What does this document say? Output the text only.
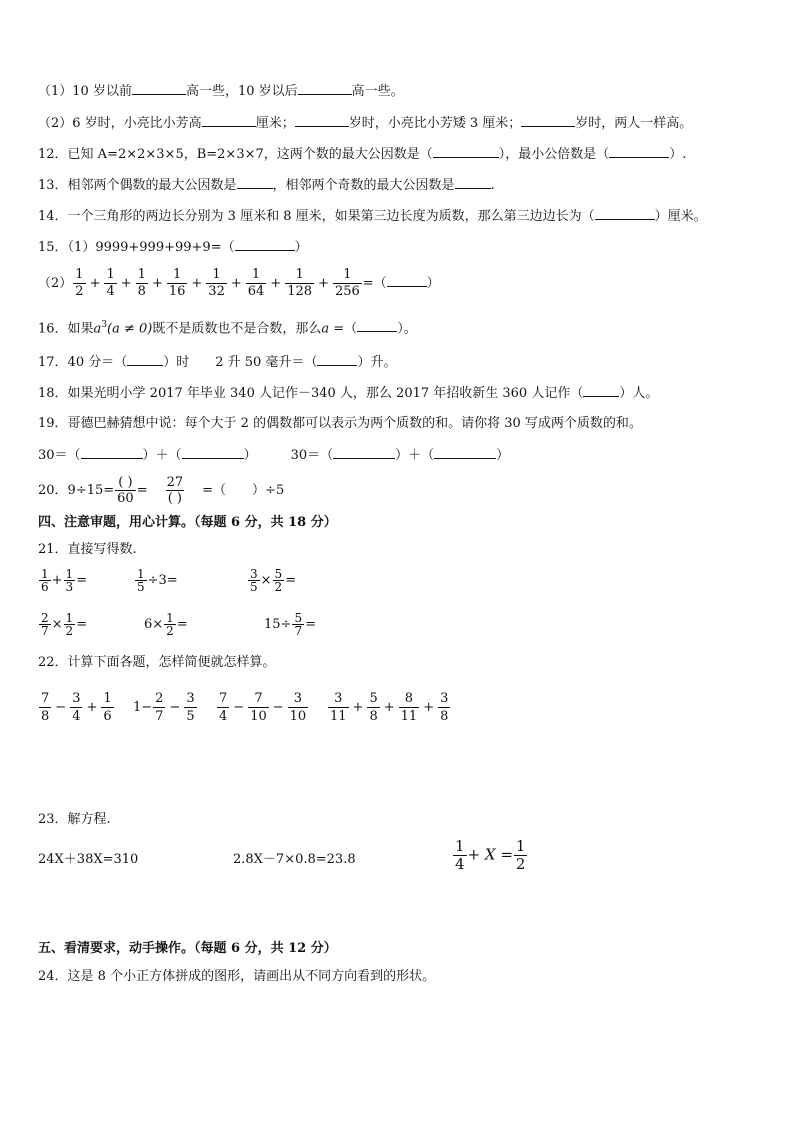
（1）10 岁以前	高一些，10 岁以后	高一些。
（2）6 岁时，小亮比小芳高	厘米；	岁时，小亮比小芳矮 3 厘米；	岁时，两人一样高。
12．已知 A=2×2×3×5，B=2×3×7，这两个数的最大公因数是（	），最小公倍数是（	）.
13．相邻两个偶数的最大公因数是	，相邻两个奇数的最大公因数是	.
14．一个三角形的两边长分别为 3 厘米和 8 厘米，如果第三边长度为质数，那么第三边边长为（	）厘米。
15．（1）9999+999+99+9=（	）
$(2) \frac{1}{2} + \frac{1}{4} + \frac{1}{8} + \frac{1}{16} + \frac{1}{32} + \frac{1}{64} + \frac{1}{128} + \frac{1}{256}$ =（	）
16．如果$a^3(a \ne 0)$既不是质数也不是合数，那么a =（	）。
17．40 分＝（	）时 2 升 50 毫升＝（	）升。
18．如果光明小学 2017 年毕业 340 人记作－340 人，那么 2017 年招收新生 360 人记作（	）人。
19．哥德巴赫猜想中说：每个大于 2 的偶数都可以表示为两个质数的和。请你将 30 写成两个质数的和。
30＝（	）＋（	）	30＝（	）＋（	）
20．$9\div 15= \frac{( )}{60} = \frac{27}{( )}$ =（ ）÷5
四、注意审题，用心计算。（每题 6 分，共 18 分）
21．直接写得数.
$\frac{1}{6} + \frac{1}{3}$ =	$\frac{1}{5} \div 3=$	$\frac{3}{5} \times \frac{5}{2}$ =
$\frac{2}{7} \times \frac{1}{2}$ =	$6\times \frac{1}{2}$ =	$15\div \frac{5}{7}$ =
22．计算下面各题，怎样简便就怎样算。
$\frac{7}{8} - \frac{3}{4} + \frac{1}{6} 1- \frac{2}{7} - \frac{3}{5} \frac{7}{4} - \frac{7}{10} - \frac{3}{10} \frac{3}{11} + \frac{5}{8} + \frac{8}{11} + \frac{3}{8}$
23．解方程.
24X＋38X=310	2.8X－7×0.8=23.8	$\frac{1}{4} + X = \frac{1}{2}$
五、看清要求，动手操作。（每题 6 分，共 12 分）
24．这是 8 个小正方体拼成的图形，请画出从不同方向看到的形状。
